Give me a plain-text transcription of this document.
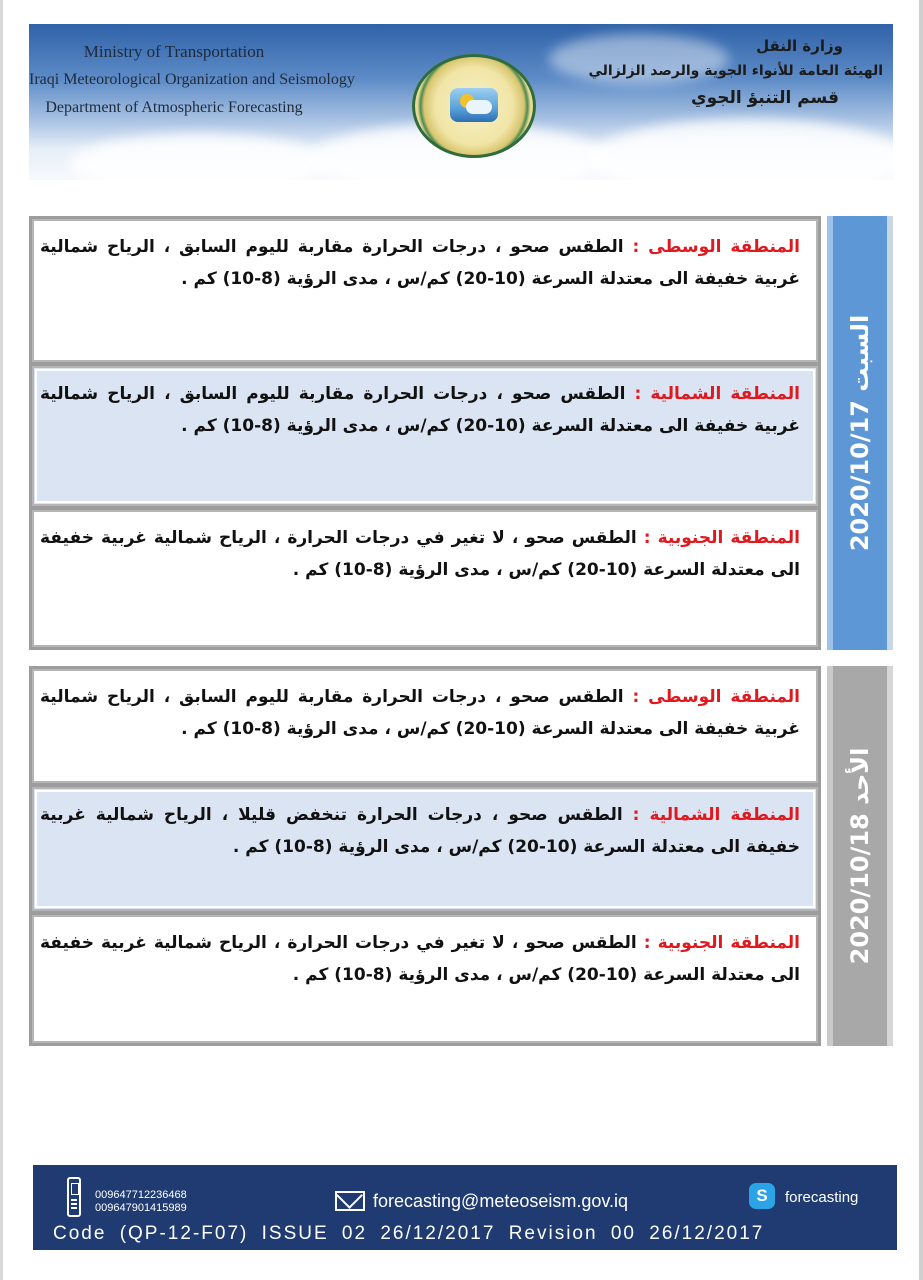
Ministry of Transportation
Iraqi Meteorological Organization and Seismology
Department of Atmospheric Forecasting
وزارة النقل
الهيئة العامة للأنواء الجوية والرصد الزلزالي
قسم التنبؤ الجوي
المنطقة الوسطى : الطقس صحو ، درجات الحرارة مقاربة لليوم السابق ، الرياح شمالية غربية خفيفة الى معتدلة السرعة (10-20) كم/س ، مدى الرؤية (8-10) كم .
المنطقة الشمالية : الطقس صحو ، درجات الحرارة مقاربة لليوم السابق ، الرياح شمالية غربية خفيفة الى معتدلة السرعة (10-20) كم/س ، مدى الرؤية (8-10) كم .
المنطقة الجنوبية : الطقس صحو ، لا تغير في درجات الحرارة ، الرياح شمالية غربية خفيفة الى معتدلة السرعة (10-20) كم/س ، مدى الرؤية (8-10) كم .
السبت 2020/10/17
المنطقة الوسطى : الطقس صحو ، درجات الحرارة مقاربة لليوم السابق ، الرياح شمالية غربية خفيفة الى معتدلة السرعة (10-20) كم/س ، مدى الرؤية (8-10) كم .
المنطقة الشمالية : الطقس صحو ، درجات الحرارة تنخفض قليلا ، الرياح شمالية غربية خفيفة الى معتدلة السرعة (10-20) كم/س ، مدى الرؤية (8-10) كم .
المنطقة الجنوبية : الطقس صحو ، لا تغير في درجات الحرارة ، الرياح شمالية غربية خفيفة الى معتدلة السرعة (10-20) كم/س ، مدى الرؤية (8-10) كم .
الأحد 2020/10/18
009647712236468
009647901415989	forecasting@meteoseism.gov.iq	S	forecasting
Code (QP-12-F07) ISSUE 02 26/12/2017 Revision 00 26/12/2017
